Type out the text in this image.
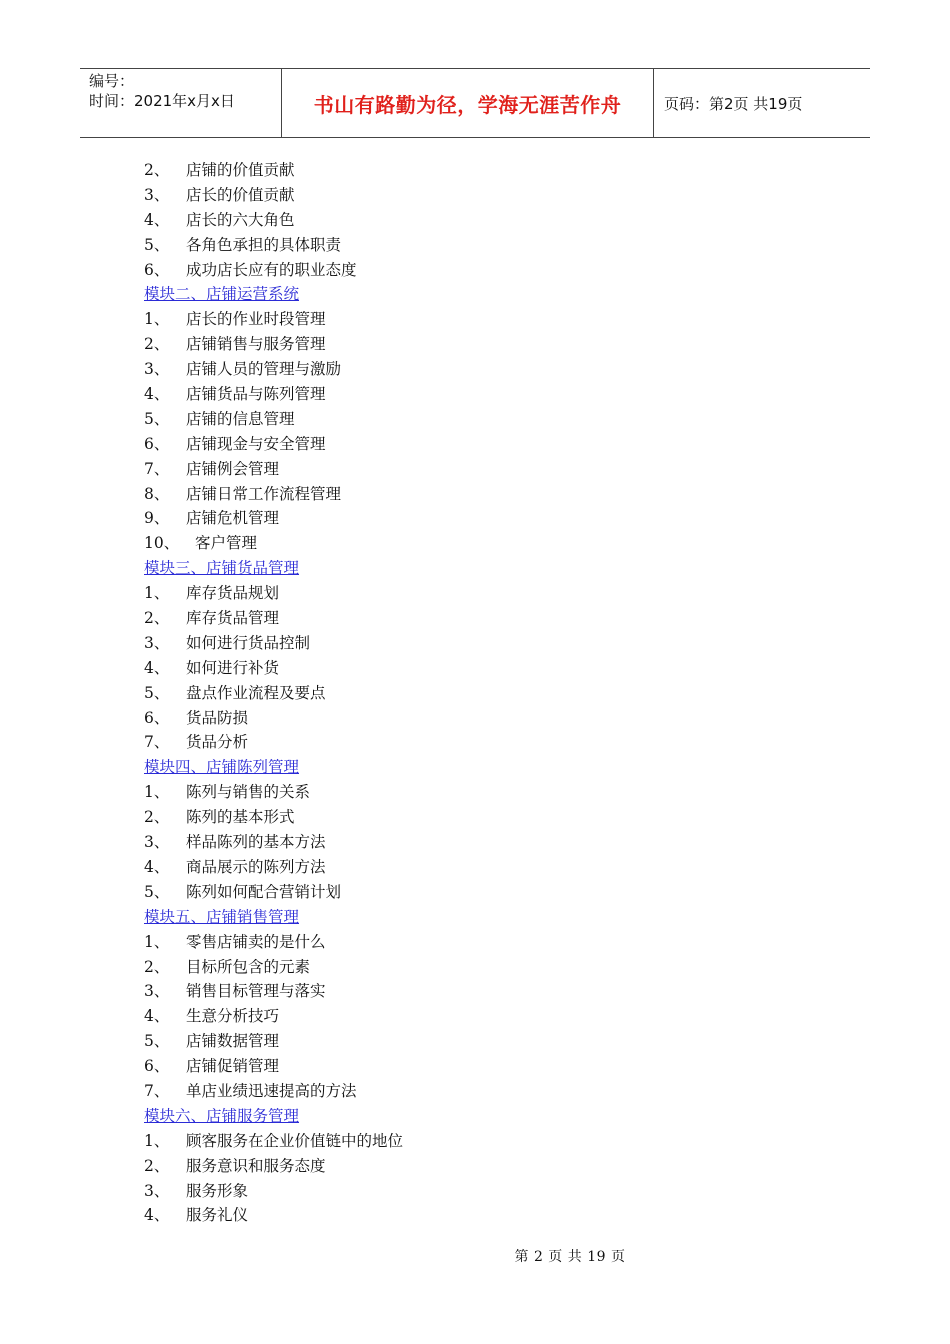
编号：
时间：2021年x月x日	书山有路勤为径，学海无涯苦作舟	页码：第2页 共19页
2、 店铺的价值贡献
3、 店长的价值贡献
4、 店长的六大角色
5、 各角色承担的具体职责
6、 成功店长应有的职业态度
模块二、店铺运营系统
1、 店长的作业时段管理
2、 店铺销售与服务管理
3、 店铺人员的管理与激励
4、 店铺货品与陈列管理
5、 店铺的信息管理
6、 店铺现金与安全管理
7、 店铺例会管理
8、 店铺日常工作流程管理
9、 店铺危机管理
10、 客户管理
模块三、店铺货品管理
1、 库存货品规划
2、 库存货品管理
3、 如何进行货品控制
4、 如何进行补货
5、 盘点作业流程及要点
6、 货品防损
7、 货品分析
模块四、店铺陈列管理
1、 陈列与销售的关系
2、 陈列的基本形式
3、 样品陈列的基本方法
4、 商品展示的陈列方法
5、 陈列如何配合营销计划
模块五、店铺销售管理
1、 零售店铺卖的是什么
2、 目标所包含的元素
3、 销售目标管理与落实
4、 生意分析技巧
5、 店铺数据管理
6、 店铺促销管理
7、 单店业绩迅速提高的方法
模块六、店铺服务管理
1、 顾客服务在企业价值链中的地位
2、 服务意识和服务态度
3、 服务形象
4、 服务礼仪
第 2 页 共 19 页
